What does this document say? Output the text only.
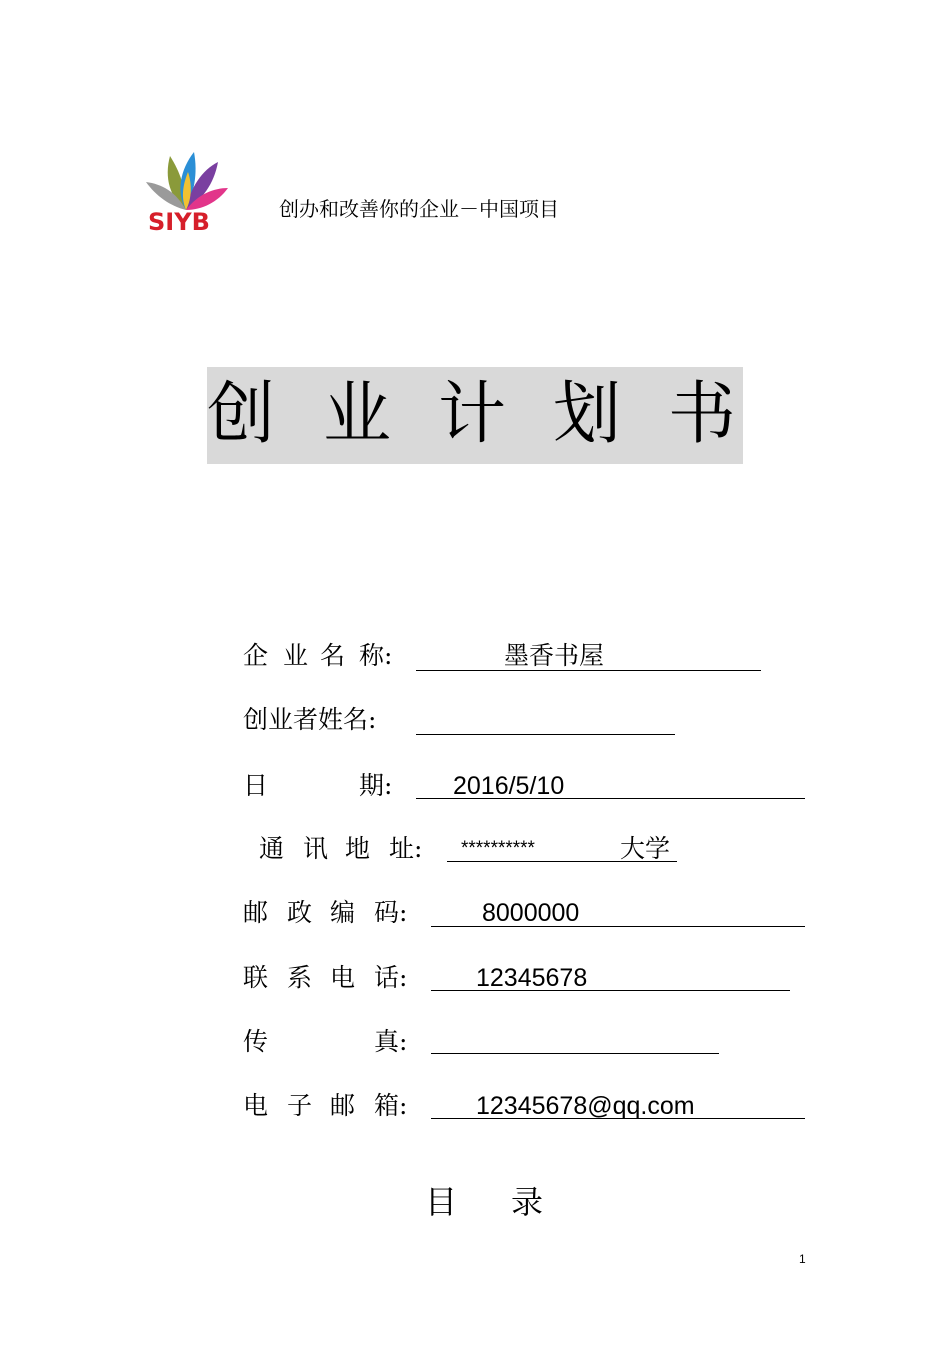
SIYB	创办和改善你的企业－中国项目
创 业 计 划 书
企 业 名 称:	墨香书屋
创业者姓名:
日	期: 2016/5/10
通 讯 地 址: **********	大学
邮 政 编 码:	8000000
联 系 电 话:	12345678
传	真:
电 子 邮 箱:	12345678@qq.com
目 录
1
